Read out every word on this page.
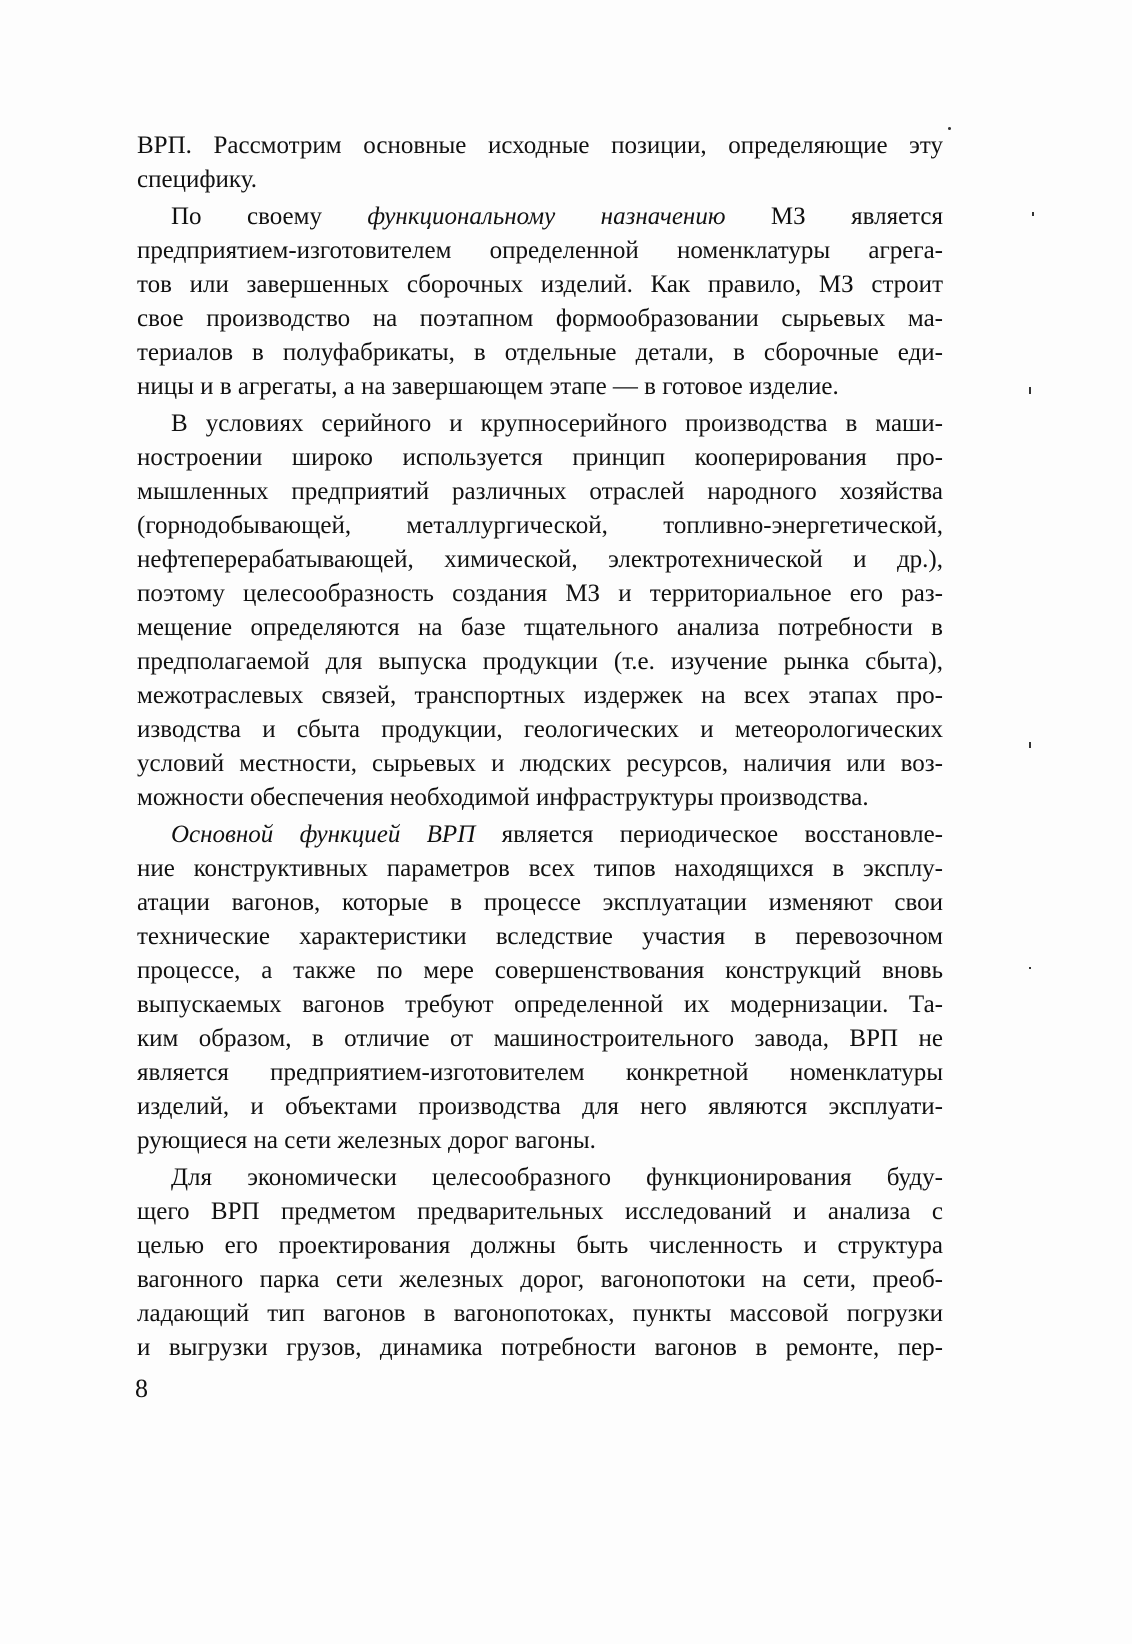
ВРП. Рассмотрим основные исходные позиции, определяющие эту
специфику.
По своему функциональному назначению МЗ является
предприятием-изготовителем определенной номенклатуры агрега-
тов или завершенных сборочных изделий. Как правило, МЗ строит
свое производство на поэтапном формообразовании сырьевых ма-
териалов в полуфабрикаты, в отдельные детали, в сборочные еди-
ницы и в агрегаты, а на завершающем этапе — в готовое изделие.
В условиях серийного и крупносерийного производства в маши-
ностроении широко используется принцип кооперирования про-
мышленных предприятий различных отраслей народного хозяйства
(горнодобывающей, металлургической, топливно-энергетической,
нефтеперерабатывающей, химической, электротехнической и др.),
поэтому целесообразность создания МЗ и территориальное его раз-
мещение определяются на базе тщательного анализа потребности в
предполагаемой для выпуска продукции (т.е. изучение рынка сбыта),
межотраслевых связей, транспортных издержек на всех этапах про-
изводства и сбыта продукции, геологических и метеорологических
условий местности, сырьевых и людских ресурсов, наличия или воз-
можности обеспечения необходимой инфраструктуры производства.
Основной функцией ВРП является периодическое восстановле-
ние конструктивных параметров всех типов находящихся в эксплу-
атации вагонов, которые в процессе эксплуатации изменяют свои
технические характеристики вследствие участия в перевозочном
процессе, а также по мере совершенствования конструкций вновь
выпускаемых вагонов требуют определенной их модернизации. Та-
ким образом, в отличие от машиностроительного завода, ВРП не
является предприятием-изготовителем конкретной номенклатуры
изделий, и объектами производства для него являются эксплуати-
рующиеся на сети железных дорог вагоны.
Для экономически целесообразного функционирования буду-
щего ВРП предметом предварительных исследований и анализа с
целью его проектирования должны быть численность и структура
вагонного парка сети железных дорог, вагонопотоки на сети, преоб-
ладающий тип вагонов в вагонопотоках, пункты массовой погрузки
и выгрузки грузов, динамика потребности вагонов в ремонте, пер-
8
